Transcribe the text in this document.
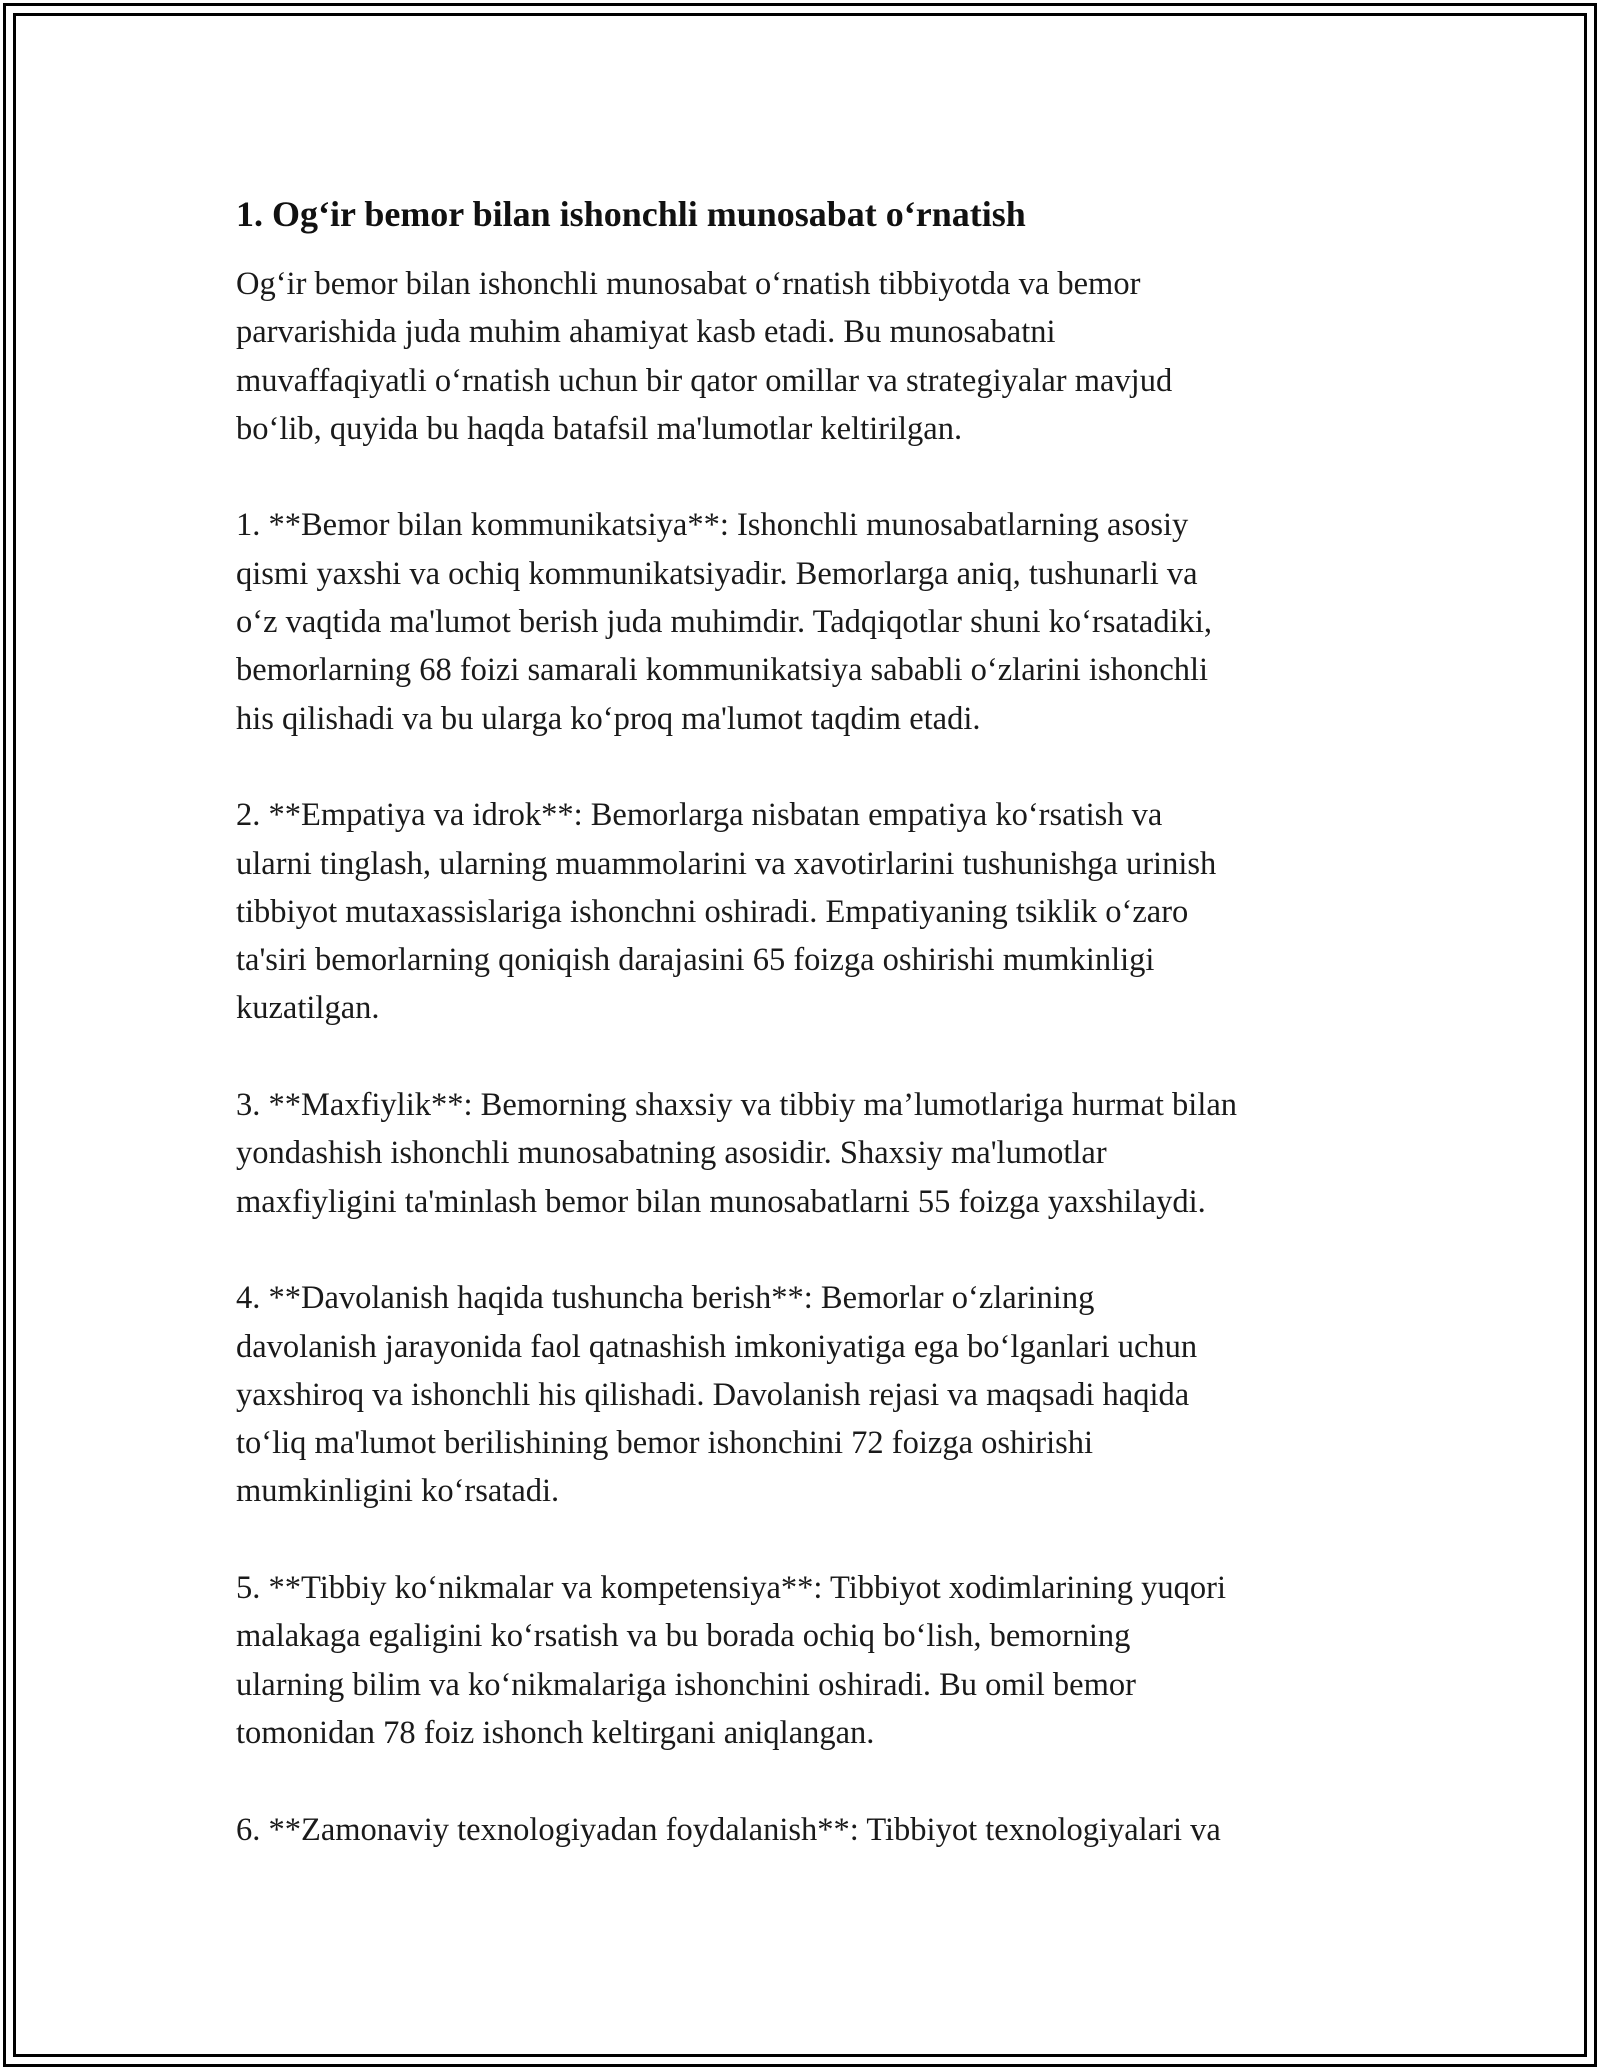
1. Og‘ir bemor bilan ishonchli munosabat o‘rnatish

Og‘ir bemor bilan ishonchli munosabat o‘rnatish tibbiyotda va bemor
parvarishida juda muhim ahamiyat kasb etadi. Bu munosabatni
muvaffaqiyatli o‘rnatish uchun bir qator omillar va strategiyalar mavjud
bo‘lib, quyida bu haqda batafsil ma'lumotlar keltirilgan.

1. **Bemor bilan kommunikatsiya**: Ishonchli munosabatlarning asosiy
qismi yaxshi va ochiq kommunikatsiyadir. Bemorlarga aniq, tushunarli va
o‘z vaqtida ma'lumot berish juda muhimdir. Tadqiqotlar shuni ko‘rsatadiki,
bemorlarning 68 foizi samarali kommunikatsiya sababli o‘zlarini ishonchli
his qilishadi va bu ularga ko‘proq ma'lumot taqdim etadi.

2. **Empatiya va idrok**: Bemorlarga nisbatan empatiya ko‘rsatish va
ularni tinglash, ularning muammolarini va xavotirlarini tushunishga urinish
tibbiyot mutaxassislariga ishonchni oshiradi. Empatiyaning tsiklik o‘zaro
ta'siri bemorlarning qoniqish darajasini 65 foizga oshirishi mumkinligi
kuzatilgan.

3. **Maxfiylik**: Bemorning shaxsiy va tibbiy ma’lumotlariga hurmat bilan
yondashish ishonchli munosabatning asosidir. Shaxsiy ma'lumotlar
maxfiyligini ta'minlash bemor bilan munosabatlarni 55 foizga yaxshilaydi.

4. **Davolanish haqida tushuncha berish**: Bemorlar o‘zlarining
davolanish jarayonida faol qatnashish imkoniyatiga ega bo‘lganlari uchun
yaxshiroq va ishonchli his qilishadi. Davolanish rejasi va maqsadi haqida
to‘liq ma'lumot berilishining bemor ishonchini 72 foizga oshirishi
mumkinligini ko‘rsatadi.

5. **Tibbiy ko‘nikmalar va kompetensiya**: Tibbiyot xodimlarining yuqori
malakaga egaligini ko‘rsatish va bu borada ochiq bo‘lish, bemorning
ularning bilim va ko‘nikmalariga ishonchini oshiradi. Bu omil bemor
tomonidan 78 foiz ishonch keltirgani aniqlangan.

6. **Zamonaviy texnologiyadan foydalanish**: Tibbiyot texnologiyalari va
